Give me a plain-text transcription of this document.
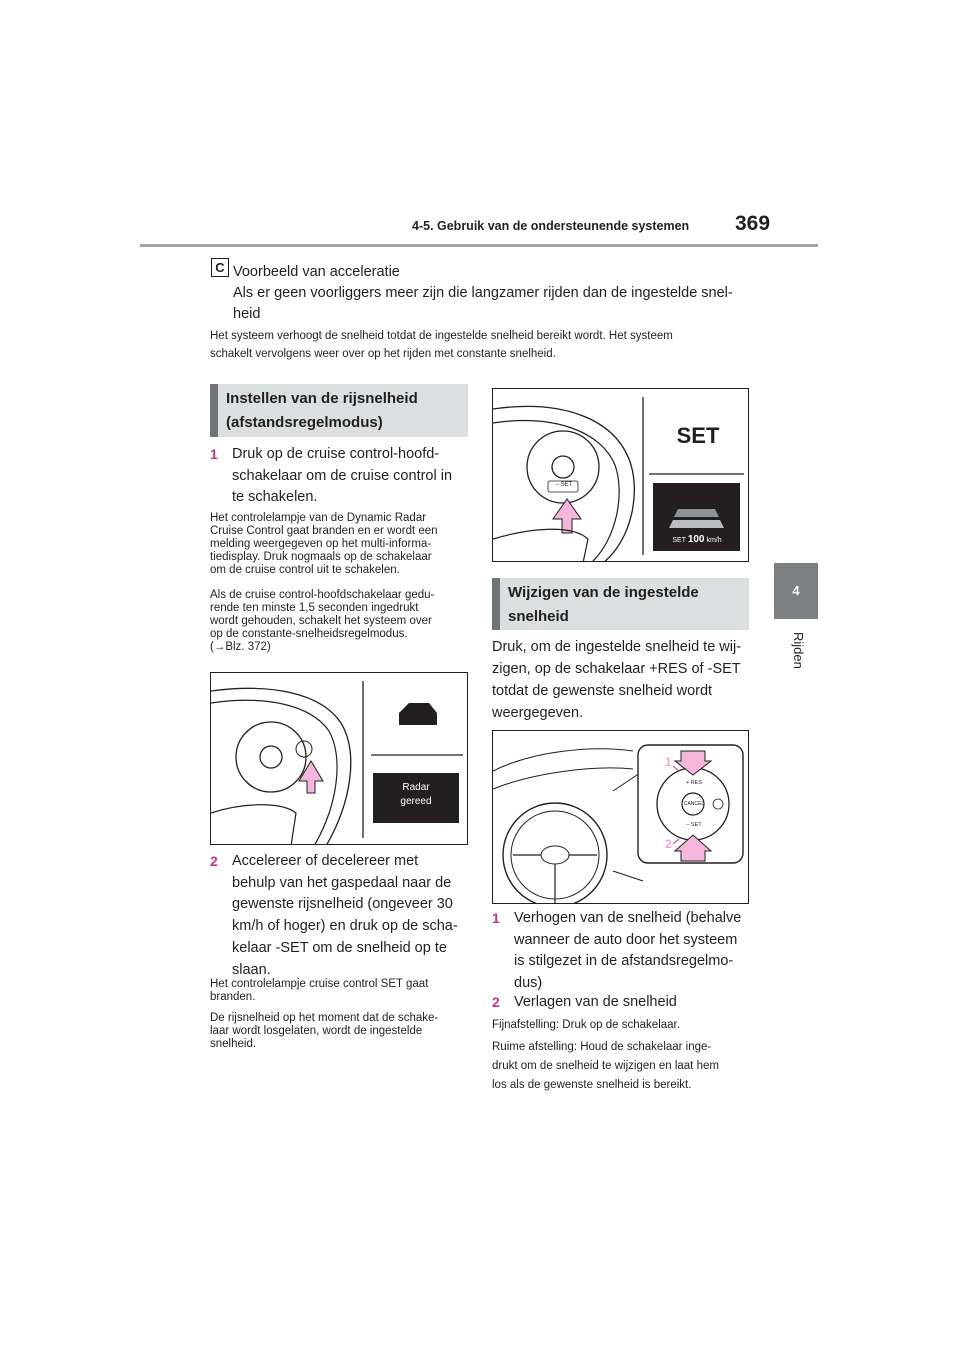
4-5. Gebruik van de ondersteunende systemen 369
4
Rijden
C Voorbeeld van acceleratie
Als er geen voorliggers meer zijn die langzamer rijden dan de ingestelde snel-
heid
Het systeem verhoogt de snelheid totdat de ingestelde snelheid bereikt wordt. Het systeem
schakelt vervolgens weer over op het rijden met constante snelheid.
Instellen van de rijsnelheid
(afstandsregelmodus)
1 Druk op de cruise control-hoofd-
schakelaar om de cruise control in
te schakelen.
Het controlelampje van de Dynamic Radar
Cruise Control gaat branden en er wordt een
melding weergegeven op het multi-informa-
tiedisplay. Druk nogmaals op de schakelaar
om de cruise control uit te schakelen.
Als de cruise control-hoofdschakelaar gedu-
rende ten minste 1,5 seconden ingedrukt
wordt gehouden, schakelt het systeem over
op de constante-snelheidsregelmodus.
(→Blz. 372)
Radar
gereed
2 Accelereer of decelereer met
behulp van het gaspedaal naar de
gewenste rijsnelheid (ongeveer 30
km/h of hoger) en druk op de scha-
kelaar -SET om de snelheid op te
slaan.
Het controlelampje cruise control SET gaat
branden.
De rijsnelheid op het moment dat de schake-
laar wordt losgelaten, wordt de ingestelde
snelheid.
SET
– SET
SET 100 km/h
Wijzigen van de ingestelde
snelheid
Druk, om de ingestelde snelheid te wij-
zigen, op de schakelaar +RES of -SET
totdat de gewenste snelheid wordt
weergegeven.
+ RES
CANCEL
– SET
1
2
1 Verhogen van de snelheid (behalve
wanneer de auto door het systeem
is stilgezet in de afstandsregelmo-
dus)
2 Verlagen van de snelheid
Fijnafstelling: Druk op de schakelaar.
Ruime afstelling: Houd de schakelaar inge-
drukt om de snelheid te wijzigen en laat hem
los als de gewenste snelheid is bereikt.
